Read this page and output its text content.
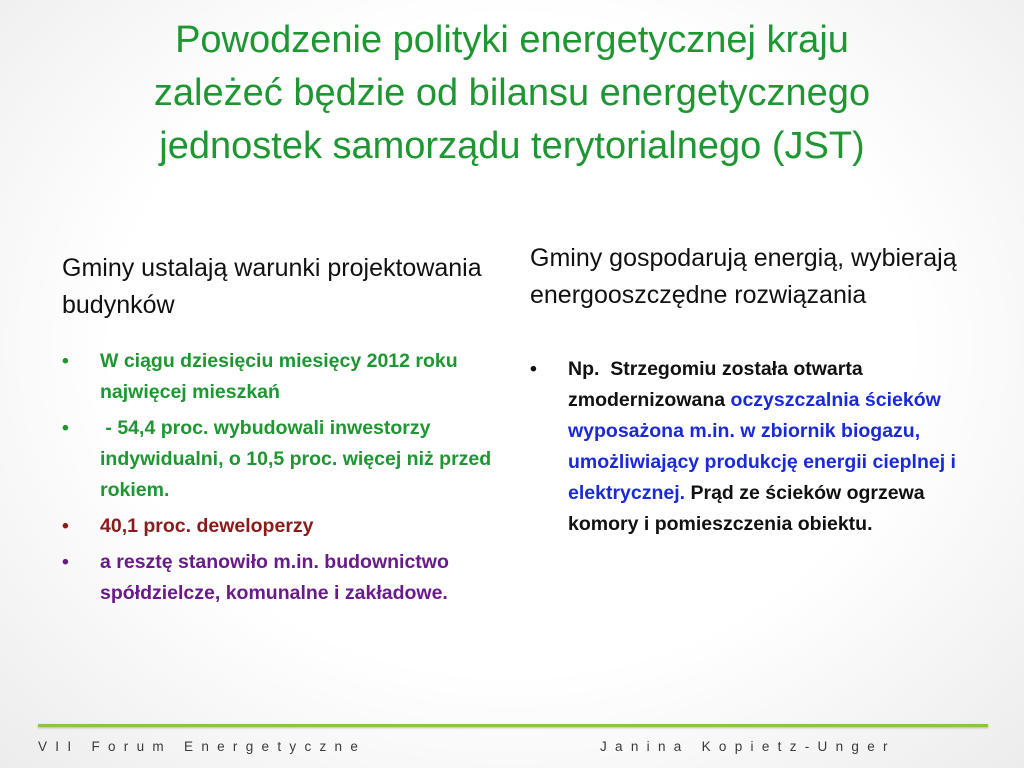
Powodzenie polityki energetycznej kraju
zależeć będzie od bilansu energetycznego
jednostek samorządu terytorialnego (JST)

Gminy ustalają warunki projektowania budynków

•	W ciągu dziesięciu miesięcy 2012 roku najwięcej mieszkań
•	- 54,4 proc. wybudowali inwestorzy indywidualni, o 10,5 proc. więcej niż przed rokiem.
•	40,1 proc. deweloperzy
•	a resztę stanowiło m.in. budownictwo spółdzielcze, komunalne i zakładowe.

Gminy gospodarują energią, wybierają energooszczędne rozwiązania

•	Np.  Strzegomiu została otwarta zmodernizowana oczyszczalnia ścieków wyposażona m.in. w zbiornik biogazu, umożliwiający produkcję energii cieplnej i elektrycznej. Prąd ze ścieków ogrzewa komory i pomieszczenia obiektu.
VII Forum Energetyczne	Janina Kopietz-Unger
